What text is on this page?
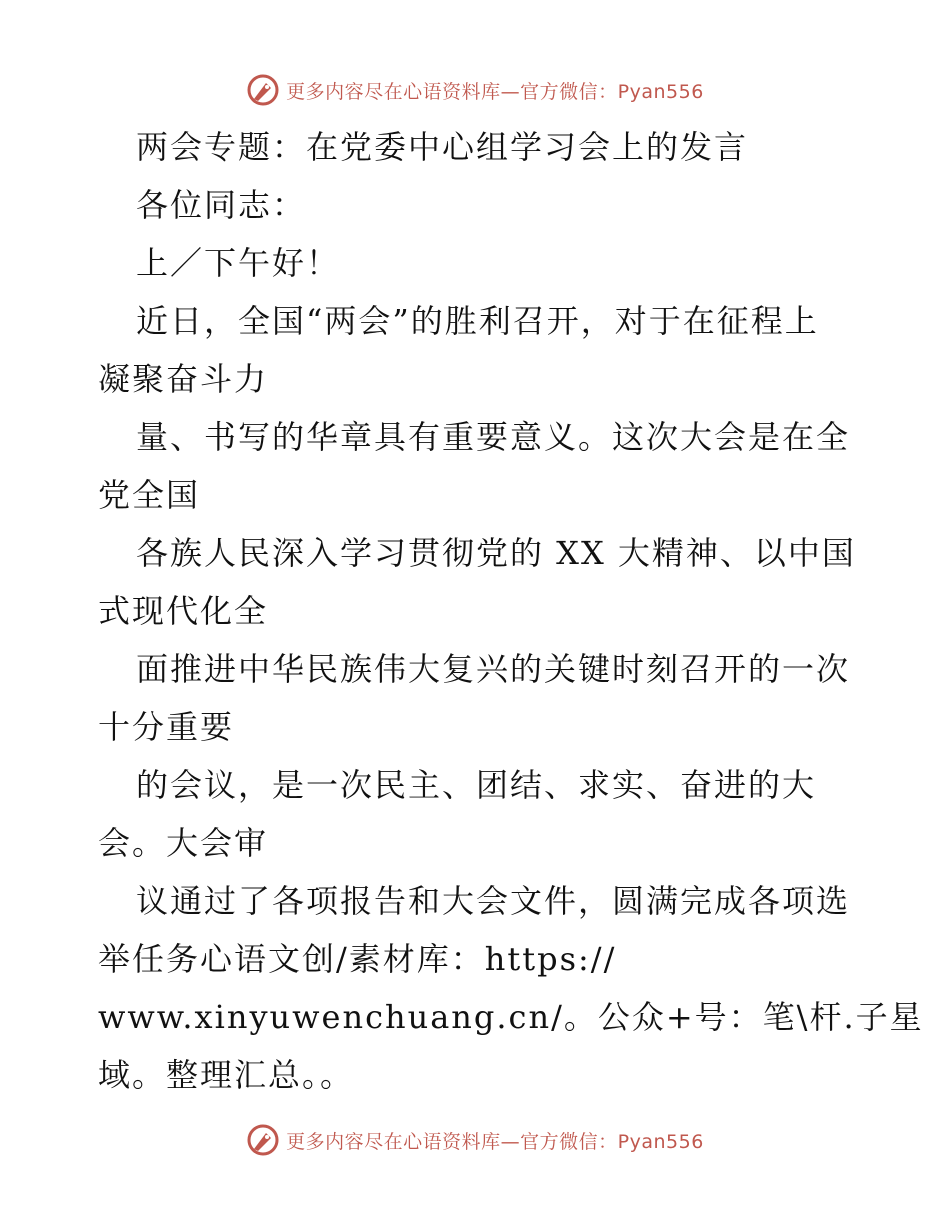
更多内容尽在心语资料库—官方微信：Pyan556
两会专题：在党委中心组学习会上的发言
各位同志：
上／下午好！
近日，全国“两会”的胜利召开，对于在征程上
凝聚奋斗力
量、书写的华章具有重要意义。这次大会是在全
党全国
各族人民深入学习贯彻党的 XX 大精神、以中国
式现代化全
面推进中华民族伟大复兴的关键时刻召开的一次
十分重要
的会议，是一次民主、团结、求实、奋进的大
会。大会审
议通过了各项报告和大会文件，圆满完成各项选
举任务心语文创/素材库：https://
www.xinyuwenchuang.cn/。公众+号：笔\杆.子星
域。整理汇总。。
更多内容尽在心语资料库—官方微信：Pyan556
